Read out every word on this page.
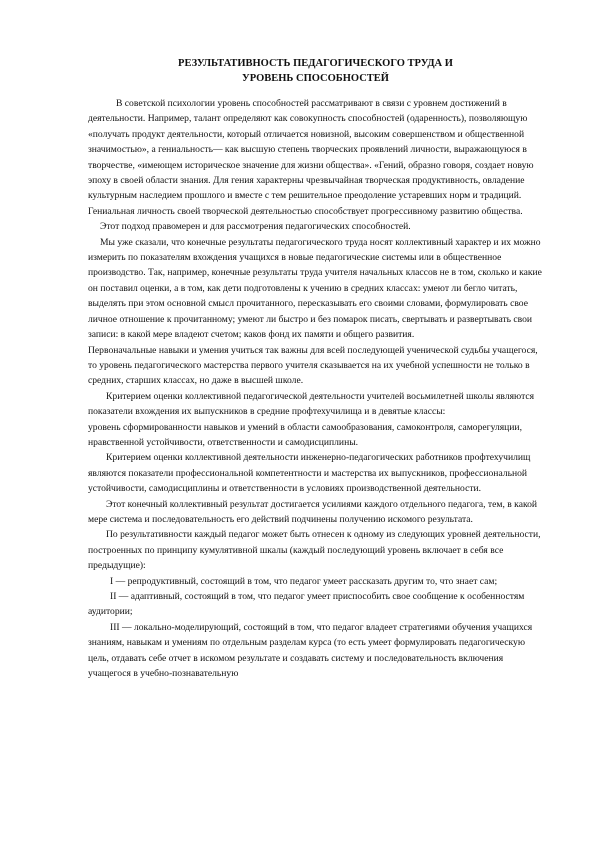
РЕЗУЛЬТАТИВНОСТЬ ПЕДАГОГИЧЕСКОГО ТРУДА И
УРОВЕНЬ СПОСОБНОСТЕЙ

В советской психологии уровень способностей рассматривают в связи с уровнем достижений в деятельности. Например, талант определяют как совокупность способностей (одаренность), позволяющую «получать продукт деятельности, который отличается новизной, высоким совершенством и общественной значимостью», а гениальность— как высшую степень творческих проявлений личности, выражающуюся в творчестве, «имеющем историческое значение для жизни общества». «Гений, образно говоря, создает новую эпоху в своей области знания. Для гения характерны чрезвычайная творческая продуктивность, овладение культурным наследием прошлого и вместе с тем решительное преодоление устаревших норм и традиций. Гениальная личность своей творческой деятельностью способствует прогрессивному развитию общества.

Этот подход правомерен и для рассмотрения педагогических способностей.

Мы уже сказали, что конечные результаты педагогического труда носят коллективный характер и их можно измерить по показателям вхождения учащихся в новые педагогические системы или в общественное производство. Так, например, конечные результаты труда учителя начальных классов не в том, сколько и какие он поставил оценки, а в том, как дети подготовлены к учению в средних классах: умеют ли бегло читать, выделять при этом основной смысл прочитанного, пересказывать его своими словами, формулировать свое личное отношение к прочитанному; умеют ли быстро и без помарок писать, свертывать и развертывать свои записи: в какой мере владеют счетом; каков фонд их памяти и общего развития.

Первоначальные навыки и умения учиться так важны для всей последующей ученической судьбы учащегося, то уровень педагогического мастерства первого учителя сказывается на их учебной успешности не только в средних, старших классах, но даже в высшей школе.

Критерием оценки коллективной педагогической деятельности учителей восьмилетней школы являются показатели вхождения их выпускников в средние профтехучилища и в девятые классы:

уровень сформированности навыков и умений в области самообразования, самоконтроля, саморегуляции, нравственной устойчивости, ответственности и самодисциплины.

Критерием оценки коллективной деятельности инженерно-педагогических работников профтехучилищ являются показатели профессиональной компетентности и мастерства их выпускников, профессиональной устойчивости, самодисциплины и ответственности в условиях производственной деятельности.

Этот конечный коллективный результат достигается усилиями каждого отдельного педагога, тем, в какой мере система и последовательность его действий подчинены получению искомого результата.

По результативности каждый педагог может быть отнесен к одному из следующих уровней деятельности, построенных по принципу кумулятивной шкалы (каждый последующий уровень включает в себя все предыдущие):

I — репродуктивный, состоящий в том, что педагог умеет рассказать другим то, что знает сам;

II — адаптивный, состоящий в том, что педагог умеет приспособить свое сообщение к особенностям аудитории;

III — локально-моделирующий, состоящий в том, что педагог владеет стратегиями обучения учащихся знаниям, навыкам и умениям по отдельным разделам курса (то есть умеет формулировать педагогическую цель, отдавать себе отчет в искомом результате и создавать систему и последовательность включения учащегося в учебно-познавательную
